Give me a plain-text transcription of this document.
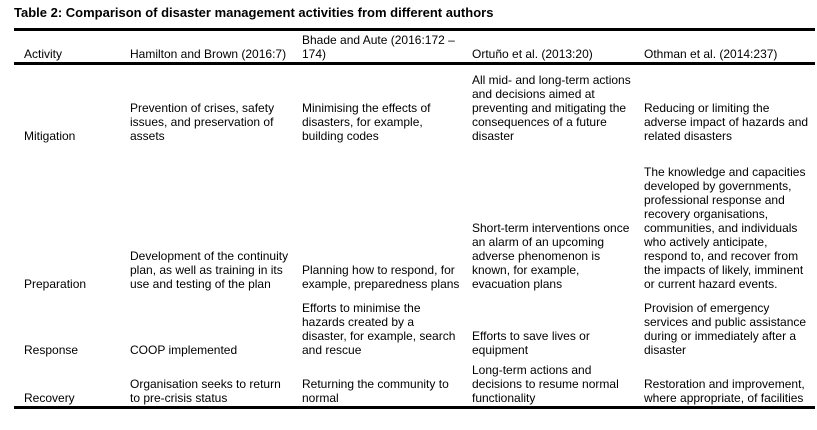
Table 2: Comparison of disaster management activities from different authors
Activity	Hamilton and Brown (2016:7)	Bhade and Aute (2016:172 –174)	Ortuño et al. (2013:20)	Othman et al. (2014:237)
Mitigation	Prevention of crises, safety issues, and preservation of assets	Minimising the effects of disasters, for example, building codes	All mid- and long-term actions and decisions aimed at preventing and mitigating the consequences of a future disaster	Reducing or limiting the adverse impact of hazards and related disasters
Preparation	Development of the continuity plan, as well as training in its use and testing of the plan	Planning how to respond, for example, preparedness plans	Short-term interventions once an alarm of an upcoming adverse phenomenon is known, for example, evacuation plans	The knowledge and capacities developed by governments, professional response and recovery organisations, communities, and individuals who actively anticipate, respond to, and recover from the impacts of likely, imminent or current hazard events.
Response	COOP implemented	Efforts to minimise the hazards created by a disaster, for example, search and rescue	Efforts to save lives or equipment	Provision of emergency services and public assistance during or immediately after a disaster
Recovery	Organisation seeks to return to pre-crisis status	Returning the community to normal	Long-term actions and decisions to resume normal functionality	Restoration and improvement, where appropriate, of facilities
